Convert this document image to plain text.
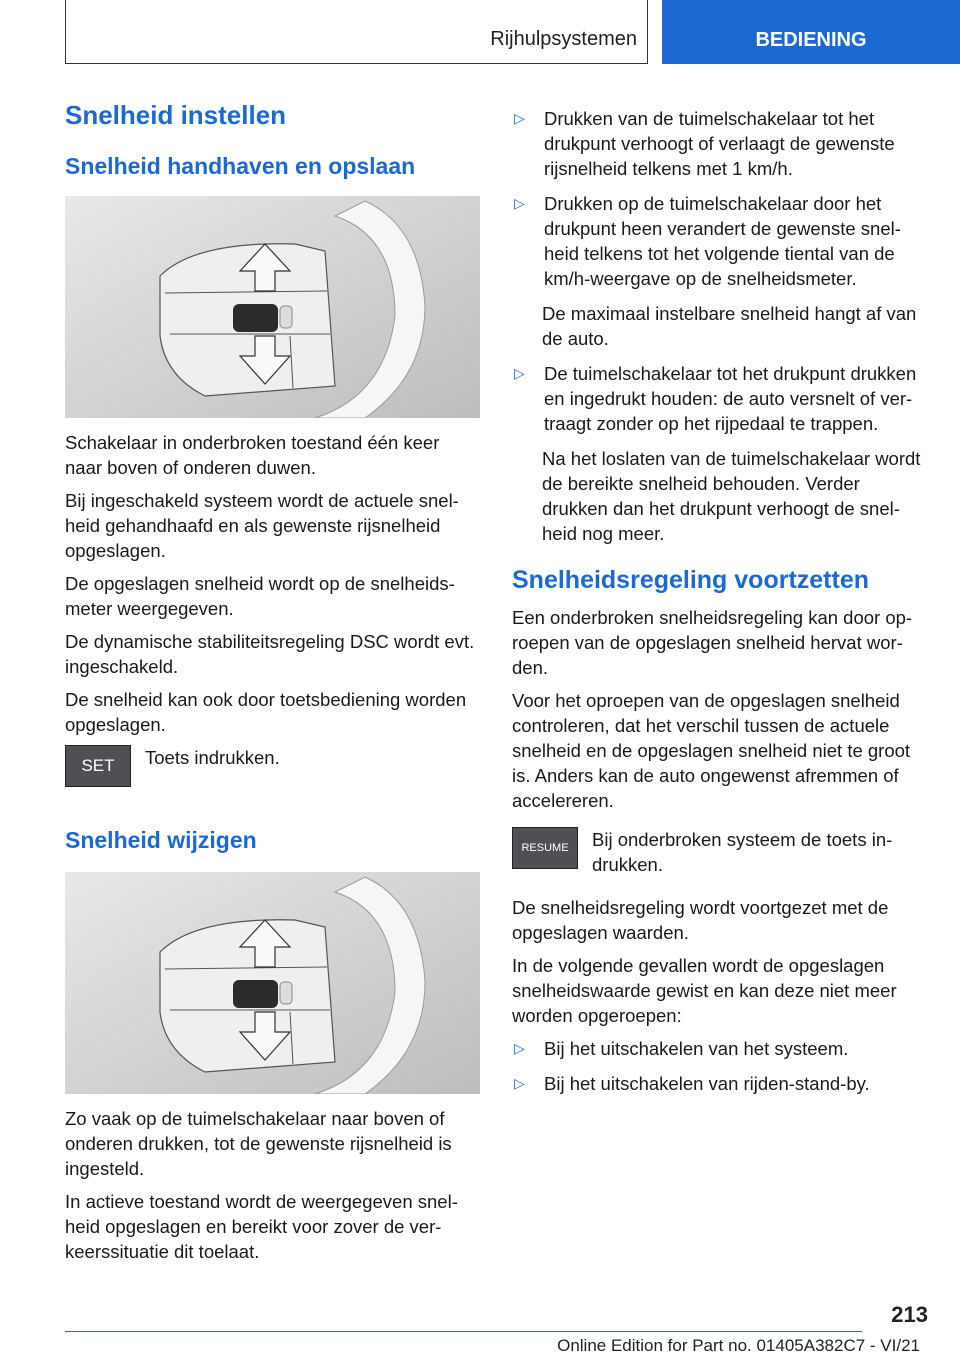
Rijhulpsystemen	BEDIENING
Snelheid instellen
Snelheid handhaven en opslaan

Schakelaar in onderbroken toestand één keer naar boven of onderen duwen.

Bij ingeschakeld systeem wordt de actuele snel-heid gehandhaafd en als gewenste rijsnelheid opgeslagen.

De opgeslagen snelheid wordt op de snelheids-meter weergegeven.

De dynamische stabiliteitsregeling DSC wordt evt. ingeschakeld.

De snelheid kan ook door toetsbediening worden opgeslagen.

SET	Toets indrukken.

Snelheid wijzigen

Zo vaak op de tuimelschakelaar naar boven of onderen drukken, tot de gewenste rijsnelheid is ingesteld.

In actieve toestand wordt de weergegeven snel-heid opgeslagen en bereikt voor zover de ver-keerssituatie dit toelaat.

▷
Drukken van de tuimelschakelaar tot het drukpunt verhoogt of verlaagt de gewenste rijsnelheid telkens met 1 km/h.
▷
Drukken op de tuimelschakelaar door het drukpunt heen verandert de gewenste snel-heid telkens tot het volgende tiental van de km/h-weergave op de snelheidsmeter.
De maximaal instelbare snelheid hangt af van de auto.
▷
De tuimelschakelaar tot het drukpunt drukken en ingedrukt houden: de auto versnelt of ver-traagt zonder op het rijpedaal te trappen.
Na het loslaten van de tuimelschakelaar wordt de bereikte snelheid behouden. Verder drukken dan het drukpunt verhoogt de snel-heid nog meer.
Snelheidsregeling voortzetten

Een onderbroken snelheidsregeling kan door op-roepen van de opgeslagen snelheid hervat wor-den.

Voor het oproepen van de opgeslagen snelheid controleren, dat het verschil tussen de actuele snelheid en de opgeslagen snelheid niet te groot is. Anders kan de auto ongewenst afremmen of accelereren.

RESUME	Bij onderbroken systeem de toets in-drukken.

De snelheidsregeling wordt voortgezet met de opgeslagen waarden.

In de volgende gevallen wordt de opgeslagen snelheidswaarde gewist en kan deze niet meer worden opgeroepen:

▷
Bij het uitschakelen van het systeem.
▷
Bij het uitschakelen van rijden-stand-by.
213
Online Edition for Part no. 01405A382C7 - VI/21
